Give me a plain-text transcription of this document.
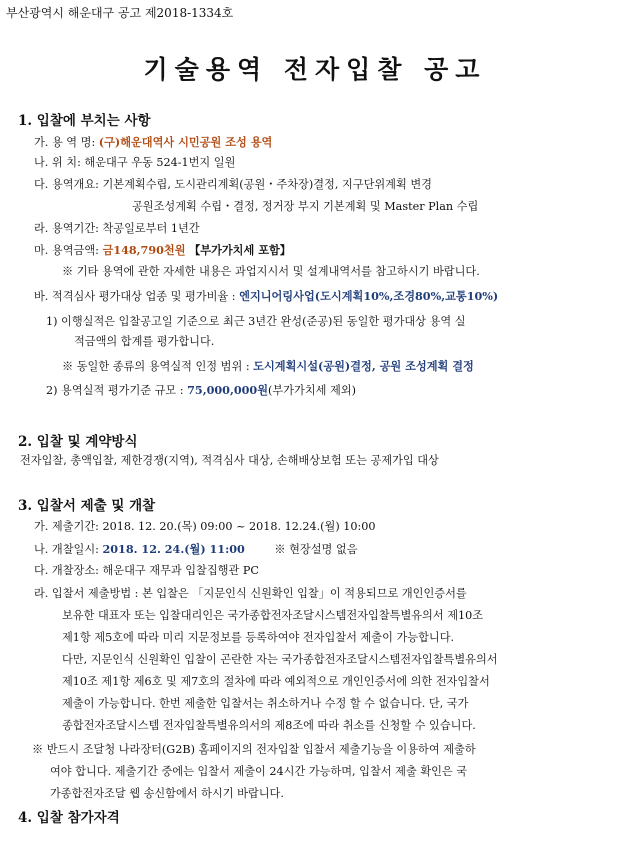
부산광역시 해운대구 공고 제2018-1334호
기술용역 전자입찰 공고
1. 입찰에 부치는 사항
가. 용 역 명: (구)해운대역사 시민공원 조성 용역
나. 위 치: 해운대구 우동 524-1번지 일원
다. 용역개요: 기본계획수립, 도시관리계획(공원・주차장)결정, 지구단위계획 변경
공원조성계획 수립・결정, 정거장 부지 기본계획 및 Master Plan 수립
라. 용역기간: 착공일로부터 1년간
마. 용역금액: 금148,790천원 【부가가치세 포함】
※ 기타 용역에 관한 자세한 내용은 과업지시서 및 설계내역서를 참고하시기 바랍니다.
바. 적격심사 평가대상 업종 및 평가비율 : 엔지니어링사업(도시계획10%,조경80%,교통10%)
1) 이행실적은 입찰공고일 기준으로 최근 3년간 완성(준공)된 동일한 평가대상 용역 실
적금액의 합계를 평가합니다.
※ 동일한 종류의 용역실적 인정 범위 : 도시계획시설(공원)결정, 공원 조성계획 결정
2) 용역실적 평가기준 규모 : 75,000,000원(부가가치세 제외)
2. 입찰 및 계약방식
전자입찰, 총액입찰, 제한경쟁(지역), 적격심사 대상, 손해배상보험 또는 공제가입 대상
3. 입찰서 제출 및 개찰
가. 제출기간: 2018. 12. 20.(목) 09:00 ~ 2018. 12.24.(월) 10:00
나. 개찰일시: 2018. 12. 24.(월) 11:00	※ 현장설명 없음
다. 개찰장소: 해운대구 재무과 입찰집행관 PC
라. 입찰서 제출방법 : 본 입찰은 「지문인식 신원확인 입찰」이 적용되므로 개인인증서를
보유한 대표자 또는 입찰대리인은 국가종합전자조달시스템전자입찰특별유의서 제10조
제1항 제5호에 따라 미리 지문정보를 등록하여야 전자입찰서 제출이 가능합니다.
다만, 지문인식 신원확인 입찰이 곤란한 자는 국가종합전자조달시스템전자입찰특별유의서
제10조 제1항 제6호 및 제7호의 절차에 따라 예외적으로 개인인증서에 의한 전자입찰서
제출이 가능합니다. 한번 제출한 입찰서는 취소하거나 수정 할 수 없습니다. 단, 국가
종합전자조달시스템 전자입찰특별유의서의 제8조에 따라 취소를 신청할 수 있습니다.
※ 반드시 조달청 나라장터(G2B) 홈페이지의 전자입찰 입찰서 제출기능을 이용하여 제출하
여야 합니다. 제출기간 중에는 입찰서 제출이 24시간 가능하며, 입찰서 제출 확인은 국
가종합전자조달 웹 송신함에서 하시기 바랍니다.
4. 입찰 참가자격
